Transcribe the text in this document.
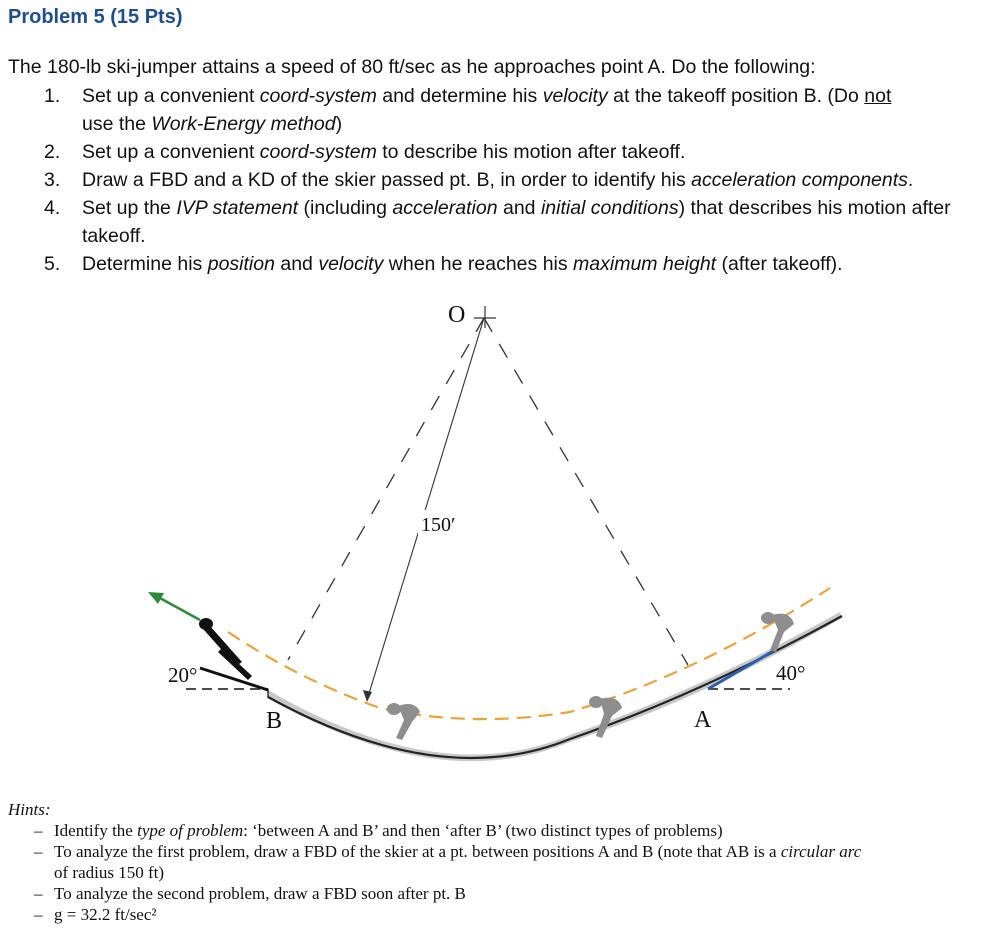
Problem 5 (15 Pts)
The 180-lb ski-jumper attains a speed of 80 ft/sec as he approaches point A. Do the following:
1. Set up a convenient coord-system and determine his velocity at the takeoff position B. (Do not
use the Work-Energy method)
2. Set up a convenient coord-system to describe his motion after takeoff.
3. Draw a FBD and a KD of the skier passed pt. B, in order to identify his acceleration components.
4. Set up the IVP statement (including acceleration and initial conditions) that describes his motion after takeoff.
5. Determine his position and velocity when he reaches his maximum height (after takeoff).
O
150′
20°	40°
B	A
Hints:
– Identify the type of problem: ‘between A and B’ and then ‘after B’ (two distinct types of problems)
– To analyze the first problem, draw a FBD of the skier at a pt. between positions A and B (note that AB is a circular arc
of radius 150 ft)
– To analyze the second problem, draw a FBD soon after pt. B
– g = 32.2 ft/sec²
